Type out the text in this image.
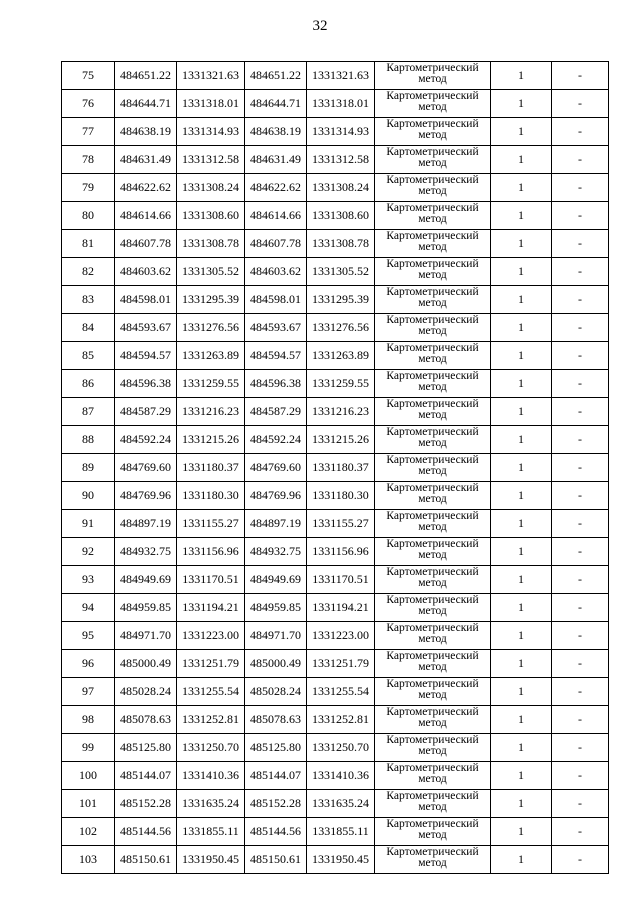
32
75	484651.22	1331321.63	484651.22	1331321.63	Картометрический
метод	1	-
76	484644.71	1331318.01	484644.71	1331318.01	Картометрический
метод	1	-
77	484638.19	1331314.93	484638.19	1331314.93	Картометрический
метод	1	-
78	484631.49	1331312.58	484631.49	1331312.58	Картометрический
метод	1	-
79	484622.62	1331308.24	484622.62	1331308.24	Картометрический
метод	1	-
80	484614.66	1331308.60	484614.66	1331308.60	Картометрический
метод	1	-
81	484607.78	1331308.78	484607.78	1331308.78	Картометрический
метод	1	-
82	484603.62	1331305.52	484603.62	1331305.52	Картометрический
метод	1	-
83	484598.01	1331295.39	484598.01	1331295.39	Картометрический
метод	1	-
84	484593.67	1331276.56	484593.67	1331276.56	Картометрический
метод	1	-
85	484594.57	1331263.89	484594.57	1331263.89	Картометрический
метод	1	-
86	484596.38	1331259.55	484596.38	1331259.55	Картометрический
метод	1	-
87	484587.29	1331216.23	484587.29	1331216.23	Картометрический
метод	1	-
88	484592.24	1331215.26	484592.24	1331215.26	Картометрический
метод	1	-
89	484769.60	1331180.37	484769.60	1331180.37	Картометрический
метод	1	-
90	484769.96	1331180.30	484769.96	1331180.30	Картометрический
метод	1	-
91	484897.19	1331155.27	484897.19	1331155.27	Картометрический
метод	1	-
92	484932.75	1331156.96	484932.75	1331156.96	Картометрический
метод	1	-
93	484949.69	1331170.51	484949.69	1331170.51	Картометрический
метод	1	-
94	484959.85	1331194.21	484959.85	1331194.21	Картометрический
метод	1	-
95	484971.70	1331223.00	484971.70	1331223.00	Картометрический
метод	1	-
96	485000.49	1331251.79	485000.49	1331251.79	Картометрический
метод	1	-
97	485028.24	1331255.54	485028.24	1331255.54	Картометрический
метод	1	-
98	485078.63	1331252.81	485078.63	1331252.81	Картометрический
метод	1	-
99	485125.80	1331250.70	485125.80	1331250.70	Картометрический
метод	1	-
100	485144.07	1331410.36	485144.07	1331410.36	Картометрический
метод	1	-
101	485152.28	1331635.24	485152.28	1331635.24	Картометрический
метод	1	-
102	485144.56	1331855.11	485144.56	1331855.11	Картометрический
метод	1	-
103	485150.61	1331950.45	485150.61	1331950.45	Картометрический
метод	1	-
